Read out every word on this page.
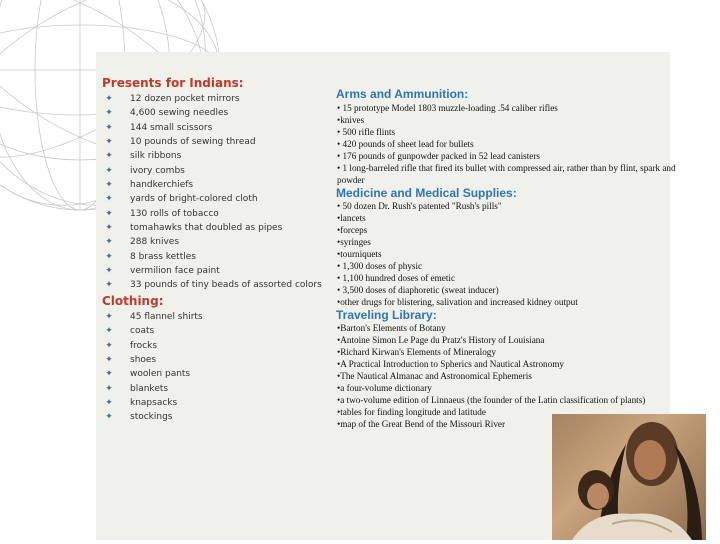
Presents for Indians:
✦ 12 dozen pocket mirrors
✦ 4,600 sewing needles
✦ 144 small scissors
✦ 10 pounds of sewing thread
✦ silk ribbons
✦ ivory combs
✦ handkerchiefs
✦ yards of bright-colored cloth
✦ 130 rolls of tobacco
✦ tomahawks that doubled as pipes
✦ 288 knives
✦ 8 brass kettles
✦ vermilion face paint
✦ 33 pounds of tiny beads of assorted colors
Clothing:
✦ 45 flannel shirts
✦ coats
✦ frocks
✦ shoes
✦ woolen pants
✦ blankets
✦ knapsacks
✦ stockings
Arms and Ammunition:
• 15 prototype Model 1803 muzzle-loading .54 caliber rifles
•knives
• 500 rifle flints
• 420 pounds of sheet lead for bullets
• 176 pounds of gunpowder packed in 52 lead canisters
• 1 long-barreled rifle that fired its bullet with compressed air, rather than by flint, spark and powder
Medicine and Medical Supplies:
• 50 dozen Dr. Rush's patented "Rush's pills"
•lancets
•forceps
•syringes
•tourniquets
• 1,300 doses of physic
• 1,100 hundred doses of emetic
• 3,500 doses of diaphoretic (sweat inducer)
•other drugs for blistering, salivation and increased kidney output
Traveling Library:
•Barton's Elements of Botany
•Antoine Simon Le Page du Pratz's History of Louisiana
•Richard Kirwan's Elements of Mineralogy
•A Practical Introduction to Spherics and Nautical Astronomy
•The Nautical Almanac and Astronomical Ephemeris
•a four-volume dictionary
•a two-volume edition of Linnaeus (the founder of the Latin classification of plants)
•tables for finding longitude and latitude
•map of the Great Bend of the Missouri River
